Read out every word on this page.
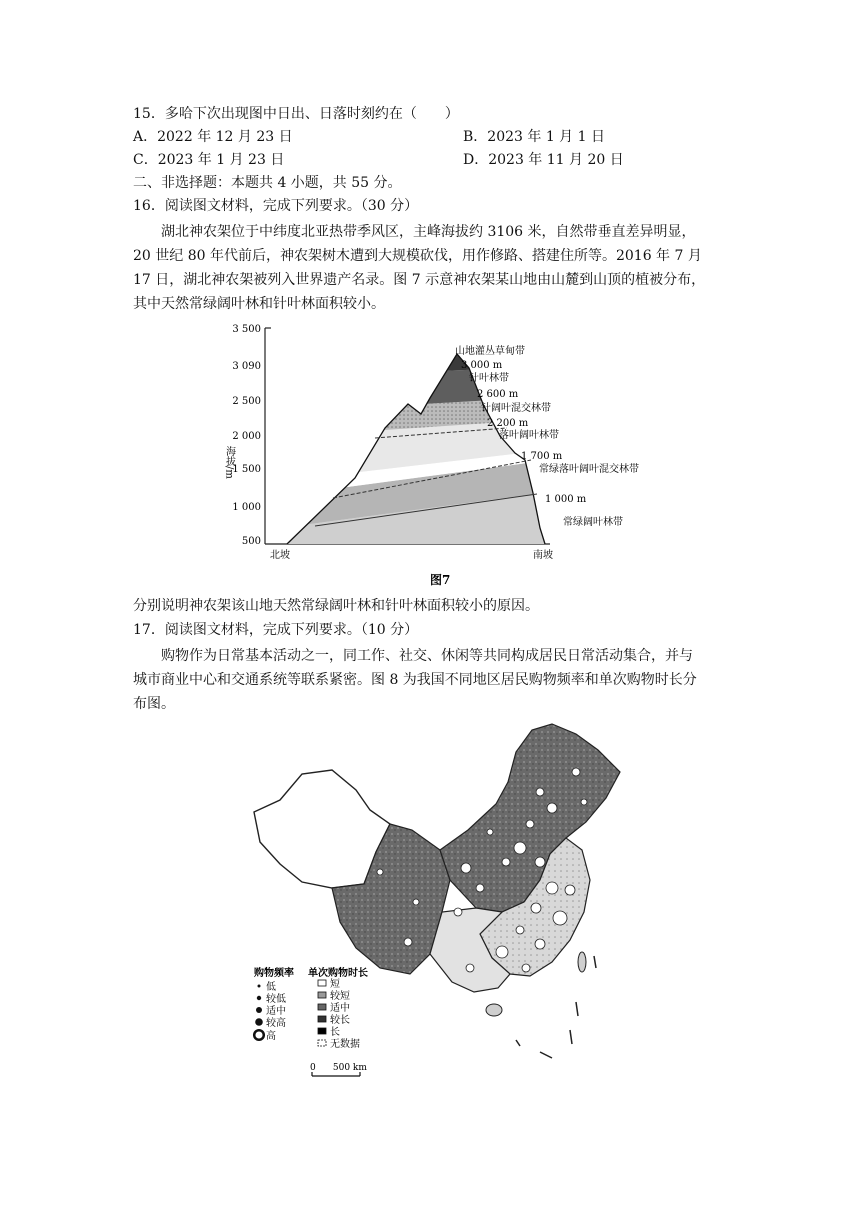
15．多哈下次出现图中日出、日落时刻约在（　　）
A．2022 年 12 月 23 日	B．2023 年 1 月 1 日
C．2023 年 1 月 23 日	D．2023 年 11 月 20 日
二、非选择题：本题共 4 小题，共 55 分。
16．阅读图文材料，完成下列要求。（30 分）
湖北神农架位于中纬度北亚热带季风区，主峰海拔约 3106 米，自然带垂直差异明显，
20 世纪 80 年代前后，神农架树木遭到大规模砍伐，用作修路、搭建住所等。2016 年 7 月
17 日，湖北神农架被列入世界遗产名录。图 7 示意神农架某山地由山麓到山顶的植被分布，
其中天然常绿阔叶林和针叶林面积较小。
3 500
3 090
2 500
2 000
1 500
1 000
500
海拔/m
山地灌丛草甸带
3 000 m
针叶林带
2 600 m
针阔叶混交林带
2 200 m
落叶阔叶林带
1 700 m
常绿落叶阔叶混交林带
1 000 m
常绿阔叶林带
北坡	南坡
图7
分别说明神农架该山地天然常绿阔叶林和针叶林面积较小的原因。
17．阅读图文材料，完成下列要求。（10 分）
购物作为日常基本活动之一，同工作、社交、休闲等共同构成居民日常活动集合，并与
城市商业中心和交通系统等联系紧密。图 8 为我国不同地区居民购物频率和单次购物时长分
布图。
购物频率 单次购物时长
低
较低
适中
较高
高
短
较短
适中
较长
长
无数据
0      500 km
